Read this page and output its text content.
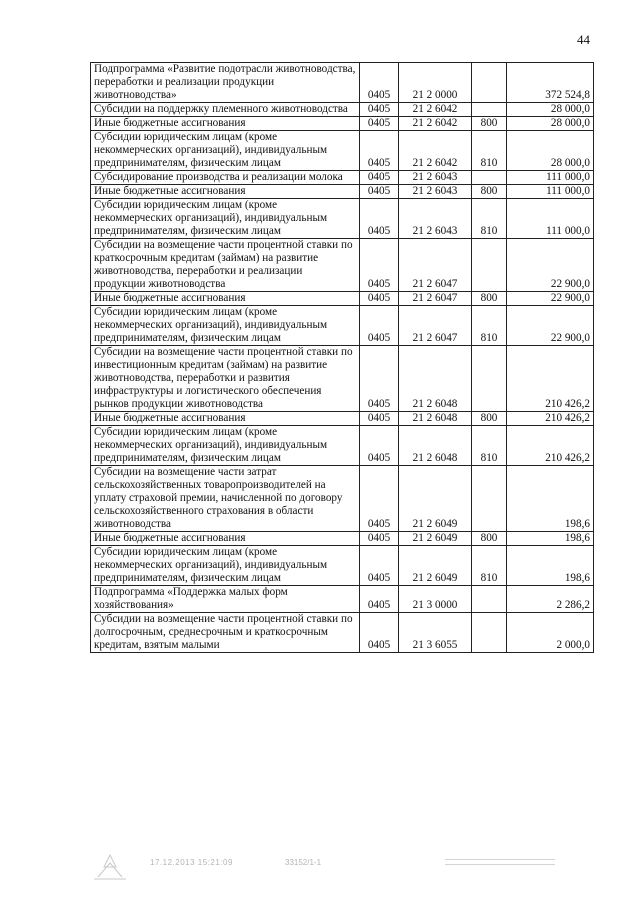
44
Подпрограмма «Развитие подотрасли животноводства, переработки и реализации продукции животноводства»	0405	21 2 0000		372 524,8
Субсидии на поддержку племенного животноводства	0405	21 2 6042		28 000,0
Иные бюджетные ассигнования	0405	21 2 6042	800	28 000,0
Субсидии юридическим лицам (кроме некоммерческих организаций), индивидуальным предпринимателям, физическим лицам	0405	21 2 6042	810	28 000,0
Субсидирование производства и реализации молока	0405	21 2 6043		111 000,0
Иные бюджетные ассигнования	0405	21 2 6043	800	111 000,0
Субсидии юридическим лицам (кроме некоммерческих организаций), индивидуальным предпринимателям, физическим лицам	0405	21 2 6043	810	111 000,0
Субсидии на возмещение части процентной ставки по краткосрочным кредитам (займам) на развитие животноводства, переработки и реализации продукции животноводства	0405	21 2 6047		22 900,0
Иные бюджетные ассигнования	0405	21 2 6047	800	22 900,0
Субсидии юридическим лицам (кроме некоммерческих организаций), индивидуальным предпринимателям, физическим лицам	0405	21 2 6047	810	22 900,0
Субсидии на возмещение части процентной ставки по инвестиционным кредитам (займам) на развитие животноводства, переработки и развития инфраструктуры и логистического обеспечения рынков продукции животноводства	0405	21 2 6048		210 426,2
Иные бюджетные ассигнования	0405	21 2 6048	800	210 426,2
Субсидии юридическим лицам (кроме некоммерческих организаций), индивидуальным предпринимателям, физическим лицам	0405	21 2 6048	810	210 426,2
Субсидии на возмещение части затрат сельскохозяйственных товаропроизводителей на уплату страховой премии, начисленной по договору сельскохозяйственного страхования в области животноводства	0405	21 2 6049		198,6
Иные бюджетные ассигнования	0405	21 2 6049	800	198,6
Субсидии юридическим лицам (кроме некоммерческих организаций), индивидуальным предпринимателям, физическим лицам	0405	21 2 6049	810	198,6
Подпрограмма «Поддержка малых форм хозяйствования»	0405	21 3 0000		2 286,2
Субсидии на возмещение части процентной ставки по долгосрочным, среднесрочным и краткосрочным кредитам, взятым малыми	0405	21 3 6055		2 000,0
17.12.2013 15:21:09	33152/1-1
